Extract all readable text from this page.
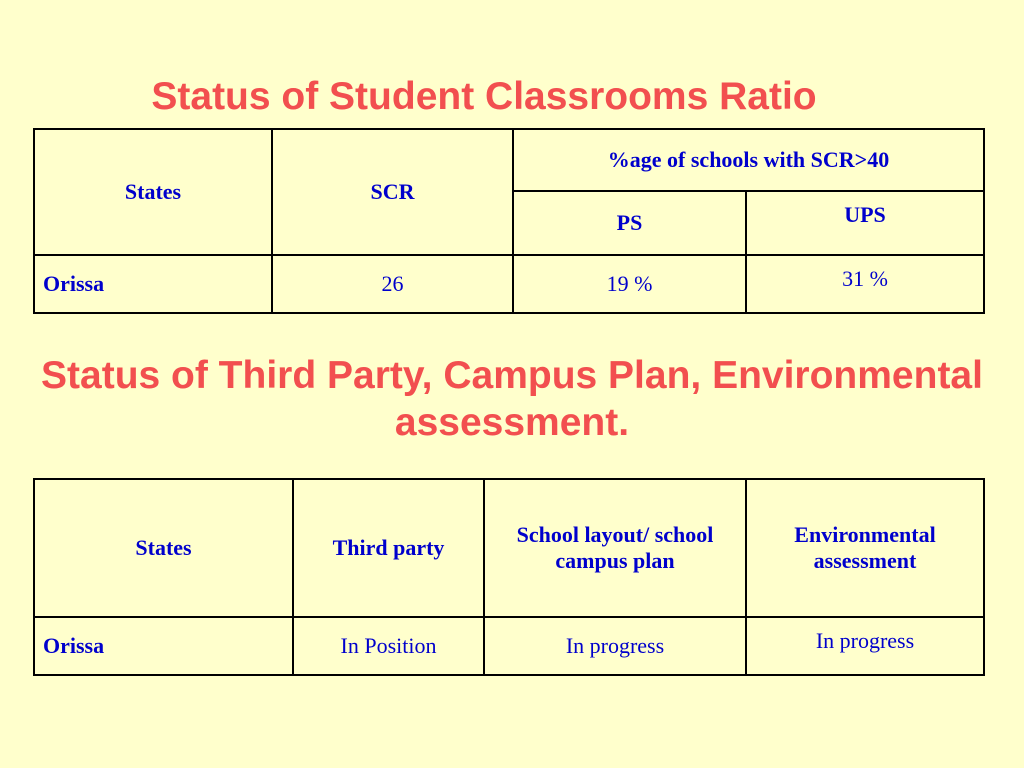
Status of Student Classrooms Ratio
States	SCR	%age of schools with SCR>40	
		PS	UPS
Orissa	26	19 %	31 %
Status of Third Party, Campus Plan, Environmental assessment.
States	Third party	School layout/ school campus plan	Environmental assessment
Orissa	In Position	In progress	In progress
